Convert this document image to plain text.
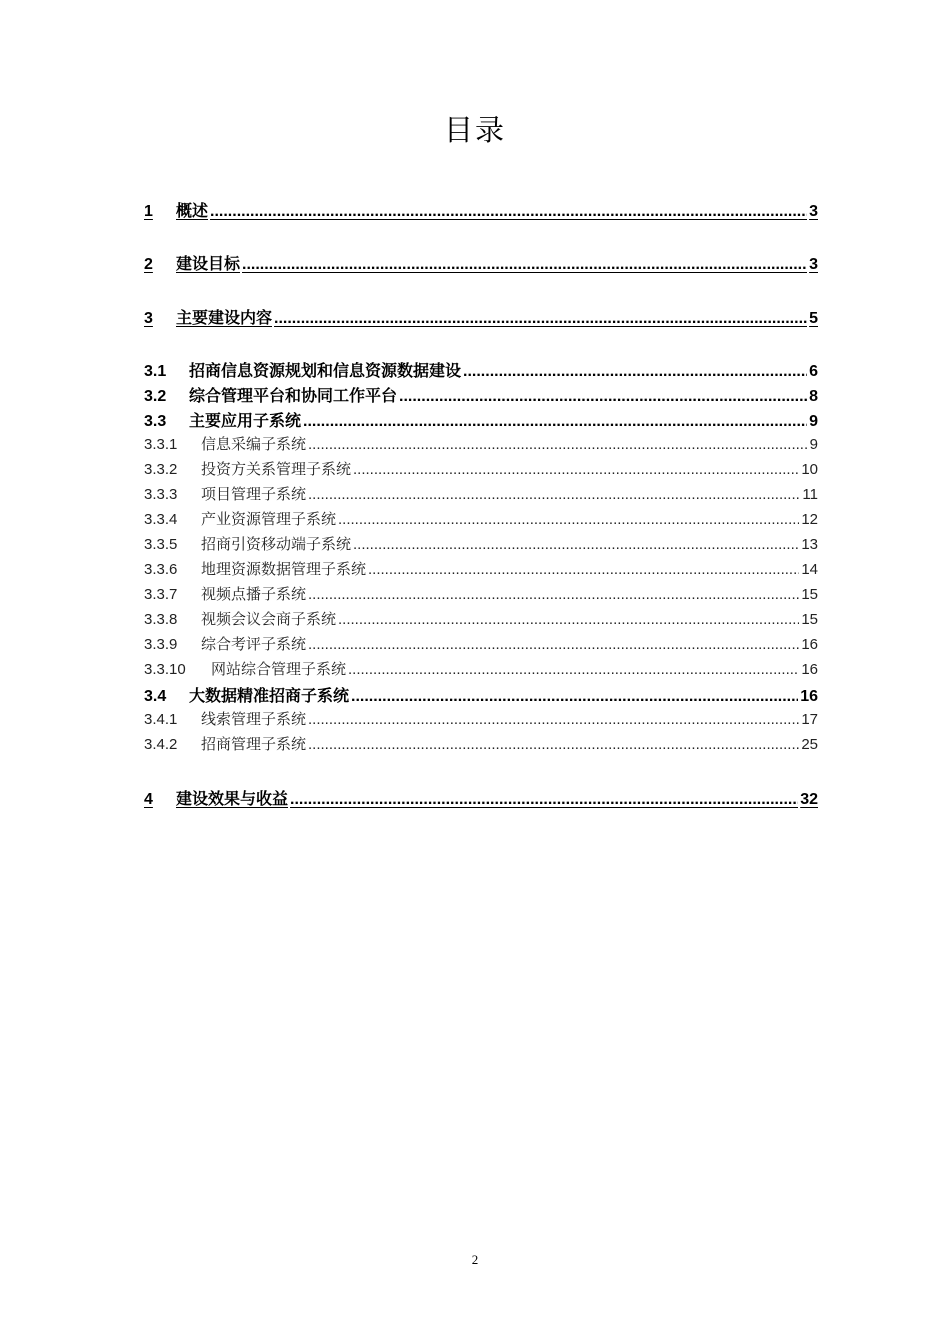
目录
1	概述 .....	3
2	建设目标 .....	3
3	主要建设内容 .....	5
3.1	招商信息资源规划和信息资源数据建设 .....	6
3.2	综合管理平台和协同工作平台 .....	8
3.3	主要应用子系统 .....	9
3.3.1	信息采编子系统 .....	9
3.3.2	投资方关系管理子系统 .....	10
3.3.3	项目管理子系统 .....	11
3.3.4	产业资源管理子系统 .....	12
3.3.5	招商引资移动端子系统 .....	13
3.3.6	地理资源数据管理子系统 .....	14
3.3.7	视频点播子系统 .....	15
3.3.8	视频会议会商子系统 .....	15
3.3.9	综合考评子系统 .....	16
3.3.10	网站综合管理子系统 .....	16
3.4	大数据精准招商子系统 .....	16
3.4.1	线索管理子系统 .....	17
3.4.2	招商管理子系统 .....	25
4	建设效果与收益 .....	32
2
